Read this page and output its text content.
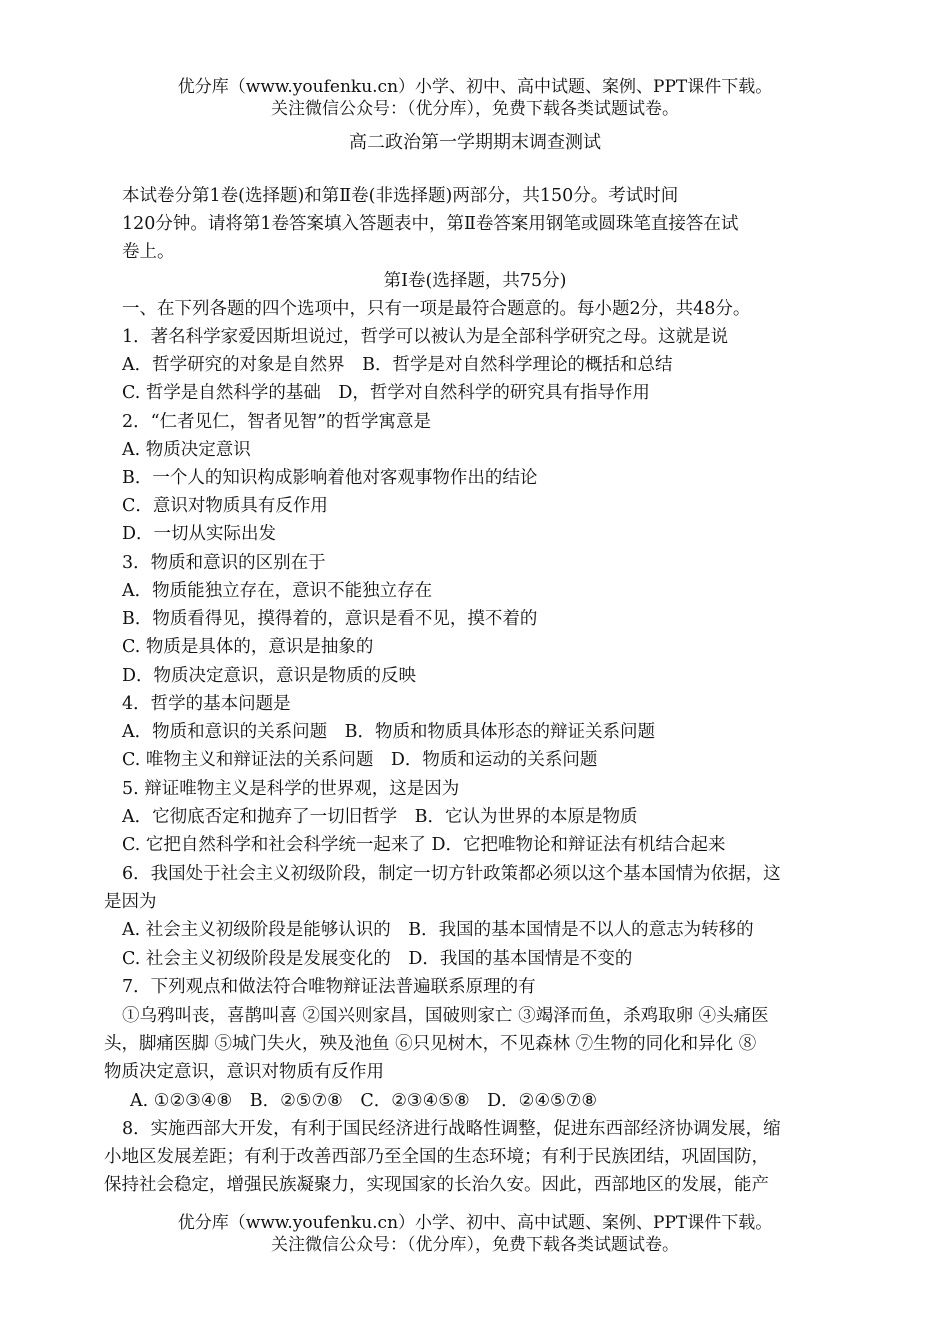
优分库（www.youfenku.cn）小学、初中、高中试题、案例、PPT课件下载。
关注微信公众号：（优分库），免费下载各类试题试卷。
高二政治第一学期期末调查测试
本试卷分第1卷(选择题)和第Ⅱ卷(非选择题)两部分，共150分。考试时间
120分钟。请将第1卷答案填入答题表中，第Ⅱ卷答案用钢笔或圆珠笔直接答在试
卷上。
第I卷(选择题，共75分)
一、在下列各题的四个选项中，只有一项是最符合题意的。每小题2分，共48分。
1．著名科学家爱因斯坦说过，哲学可以被认为是全部科学研究之母。这就是说
A．哲学研究的对象是自然界　B．哲学是对自然科学理论的概括和总结
C. 哲学是自然科学的基础　D，哲学对自然科学的研究具有指导作用
2．“仁者见仁，智者见智”的哲学寓意是
A. 物质决定意识
B．一个人的知识构成影响着他对客观事物作出的结论
C．意识对物质具有反作用
D．一切从实际出发
3．物质和意识的区别在于
A．物质能独立存在，意识不能独立存在
B．物质看得见，摸得着的，意识是看不见，摸不着的
C. 物质是具体的，意识是抽象的
D．物质决定意识，意识是物质的反映
4．哲学的基本问题是
A．物质和意识的关系问题　B．物质和物质具体形态的辩证关系问题
C. 唯物主义和辩证法的关系问题　D．物质和运动的关系问题
5. 辩证唯物主义是科学的世界观，这是因为
A．它彻底否定和抛弃了一切旧哲学　B．它认为世界的本原是物质
C. 它把自然科学和社会科学统一起来了 D．它把唯物论和辩证法有机结合起来
6．我国处于社会主义初级阶段，制定一切方针政策都必须以这个基本国情为依据，这
是因为
A. 社会主义初级阶段是能够认识的　B．我国的基本国情是不以人的意志为转移的
C. 社会主义初级阶段是发展变化的　D．我国的基本国情是不变的
7．下列观点和做法符合唯物辩证法普遍联系原理的有
①乌鸦叫丧，喜鹊叫喜 ②国兴则家昌，国破则家亡 ③竭泽而鱼，杀鸡取卵 ④头痛医
头，脚痛医脚 ⑤城门失火，殃及池鱼 ⑥只见树木，不见森林 ⑦生物的同化和异化 ⑧
物质决定意识，意识对物质有反作用
A. ①②③④⑧　B．②⑤⑦⑧　C．②③④⑤⑧　D．②④⑤⑦⑧
8．实施西部大开发，有利于国民经济进行战略性调整，促进东西部经济协调发展，缩
小地区发展差距；有利于改善西部乃至全国的生态环境；有利于民族团结，巩固国防，
保持社会稳定，增强民族凝聚力，实现国家的长治久安。因此，西部地区的发展，能产
优分库（www.youfenku.cn）小学、初中、高中试题、案例、PPT课件下载。
关注微信公众号：（优分库），免费下载各类试题试卷。
